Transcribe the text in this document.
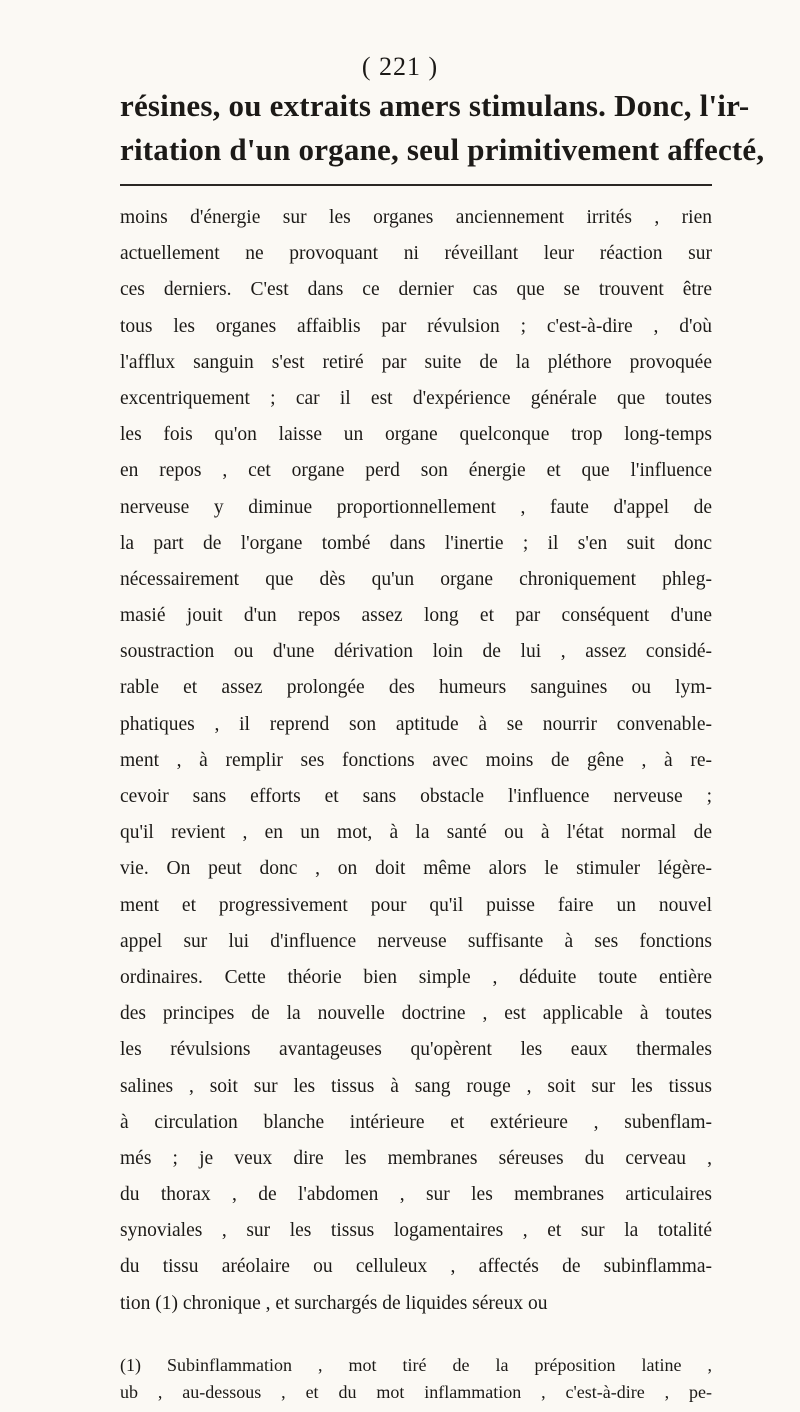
( 221 )
résines, ou extraits amers stimulans. Donc, l'ir-
ritation d'un organe, seul primitivement affecté,
moins d'énergie sur les organes anciennement irrités , rien
actuellement ne provoquant ni réveillant leur réaction sur
ces derniers. C'est dans ce dernier cas que se trouvent être
tous les organes affaiblis par révulsion ; c'est-à-dire , d'où
l'afflux sanguin s'est retiré par suite de la pléthore provoquée
excentriquement ; car il est d'expérience générale que toutes
les fois qu'on laisse un organe quelconque trop long-temps
en repos , cet organe perd son énergie et que l'influence
nerveuse y diminue proportionnellement , faute d'appel de
la part de l'organe tombé dans l'inertie ; il s'en suit donc
nécessairement que dès qu'un organe chroniquement phleg-
masié jouit d'un repos assez long et par conséquent d'une
soustraction ou d'une dérivation loin de lui , assez considé-
rable et assez prolongée des humeurs sanguines ou lym-
phatiques , il reprend son aptitude à se nourrir convenable-
ment , à remplir ses fonctions avec moins de gêne , à re-
cevoir sans efforts et sans obstacle l'influence nerveuse ;
qu'il revient , en un mot, à la santé ou à l'état normal de
vie. On peut donc , on doit même alors le stimuler légère-
ment et progressivement pour qu'il puisse faire un nouvel
appel sur lui d'influence nerveuse suffisante à ses fonctions
ordinaires. Cette théorie bien simple , déduite toute entière
des principes de la nouvelle doctrine , est applicable à toutes
les révulsions avantageuses qu'opèrent les eaux thermales
salines , soit sur les tissus à sang rouge , soit sur les tissus
à circulation blanche intérieure et extérieure , subenflam-
més ; je veux dire les membranes séreuses du cerveau ,
du thorax , de l'abdomen , sur les membranes articulaires
synoviales , sur les tissus logamentaires , et sur la totalité
du tissu aréolaire ou celluleux , affectés de subinflamma-
tion (1) chronique , et surchargés de liquides séreux ou
(1) Subinflammation , mot tiré de la préposition latine ,
ub , au-dessous , et du mot inflammation , c'est-à-dire , pe-
